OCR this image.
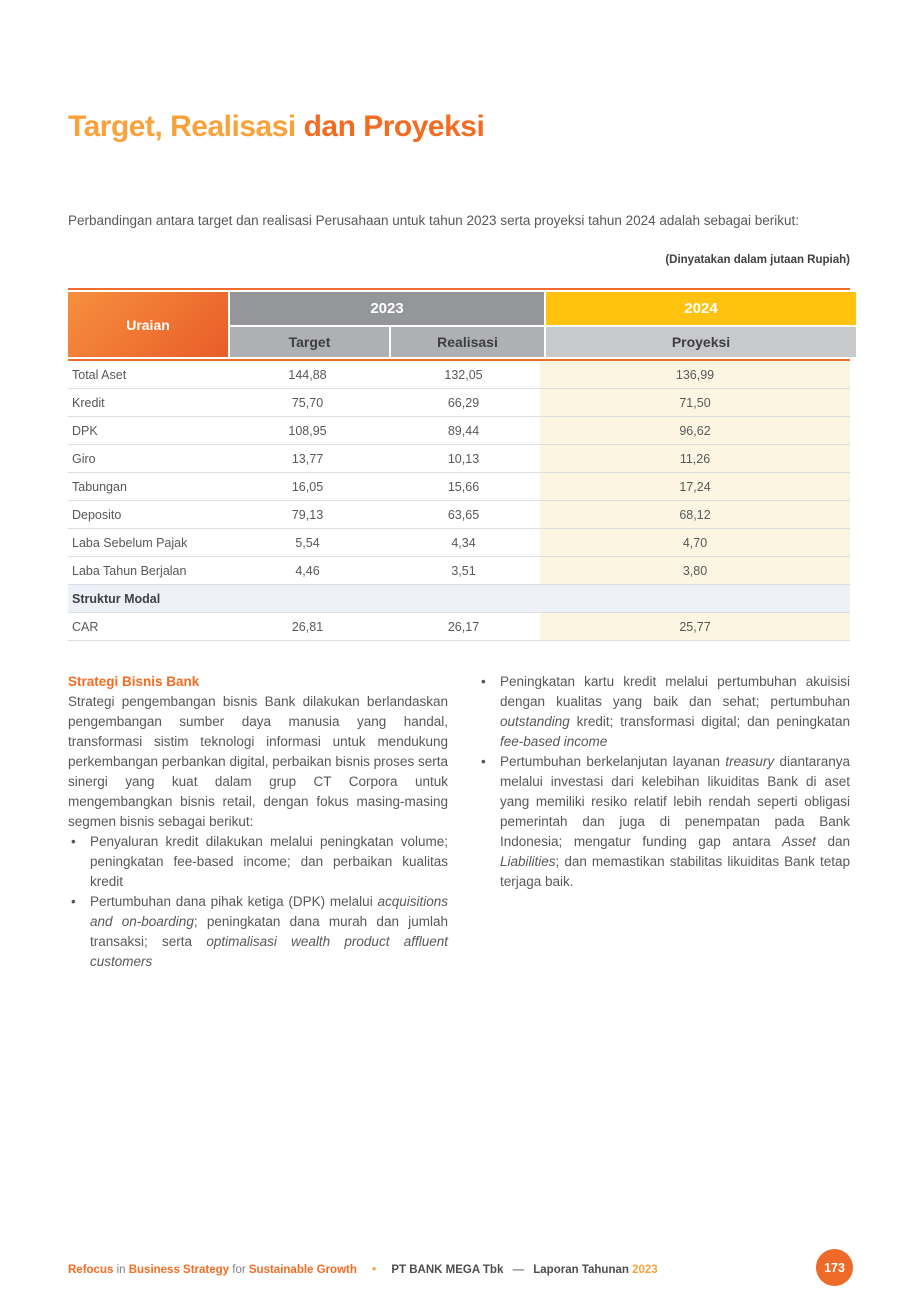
Target, Realisasi dan Proyeksi

Perbandingan antara target dan realisasi Perusahaan untuk tahun 2023 serta proyeksi tahun 2024 adalah sebagai berikut:

(Dinyatakan dalam jutaan Rupiah)
Uraian
2023	2024
Target	Realisasi	Proyeksi
Total Aset	144,88	132,05	136,99
Kredit	75,70	66,29	71,50
DPK	108,95	89,44	96,62
Giro	13,77	10,13	11,26
Tabungan	16,05	15,66	17,24
Deposito	79,13	63,65	68,12
Laba Sebelum Pajak	5,54	4,34	4,70
Laba Tahun Berjalan	4,46	3,51	3,80
Struktur Modal
CAR	26,81	26,17	25,77
Strategi Bisnis Bank
Strategi pengembangan bisnis Bank dilakukan berlandaskan pengembangan sumber daya manusia yang handal, transformasi sistim teknologi informasi untuk mendukung perkembangan perbankan digital, perbaikan bisnis proses serta sinergi yang kuat dalam grup CT Corpora untuk mengembangkan bisnis retail, dengan fokus masing-masing segmen bisnis sebagai berikut:
•	Penyaluran kredit dilakukan melalui peningkatan volume; peningkatan fee-based income; dan perbaikan kualitas kredit
•	Pertumbuhan dana pihak ketiga (DPK) melalui acquisitions and on-boarding; peningkatan dana murah dan jumlah transaksi; serta optimalisasi wealth product affluent customers
•	Peningkatan kartu kredit melalui pertumbuhan akuisisi dengan kualitas yang baik dan sehat; pertumbuhan outstanding kredit; transformasi digital; dan peningkatan fee-based income
•	Pertumbuhan berkelanjutan layanan treasury diantaranya melalui investasi dari kelebihan likuiditas Bank di aset yang memiliki resiko relatif lebih rendah seperti obligasi pemerintah dan juga di penempatan pada Bank Indonesia; mengatur funding gap antara Asset dan Liabilities; dan memastikan stabilitas likuiditas Bank tetap terjaga baik.
Refocus in Business Strategy for Sustainable Growth • PT BANK MEGA Tbk — Laporan Tahunan 2023	173
